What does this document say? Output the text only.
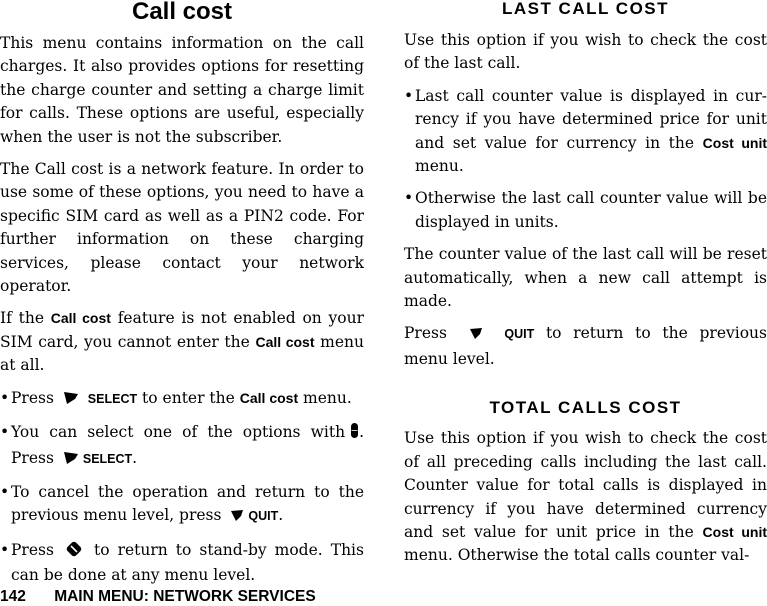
Call cost

This menu contains information on the call charges. It also provides options for resetting the charge counter and setting a charge limit for calls. These options are useful, especially when the user is not the subscriber.

The Call cost is a network feature. In order to use some of these options, you need to have a specific SIM card as well as a PIN2 code. For further information on these charging services, please contact your network operator.

If the Call cost feature is not enabled on your SIM card, you cannot enter the Call cost menu at all.

• Press	SELECT to enter the Call cost menu.

• You can select one of the options with . Press SELECT.

• To cancel the operation and return to the previous menu level, press QUIT.

• Press	to return to stand-by mode. This can be done at any menu level.

LAST CALL COST

Use this option if you wish to check the cost of the last call.

• Last call counter value is displayed in currency if you have determined price for unit and set value for currency in the Cost unit menu.

• Otherwise the last call counter value will be displayed in units.

The counter value of the last call will be reset automatically, when a new call attempt is made.

Press	QUIT to return to the previous menu level.

TOTAL CALLS COST

Use this option if you wish to check the cost of all preceding calls including the last call. Counter value for total calls is displayed in currency if you have determined currency and set value for unit price in the Cost unit menu. Otherwise the total calls counter val-

142 MAIN MENU: NETWORK SERVICES
